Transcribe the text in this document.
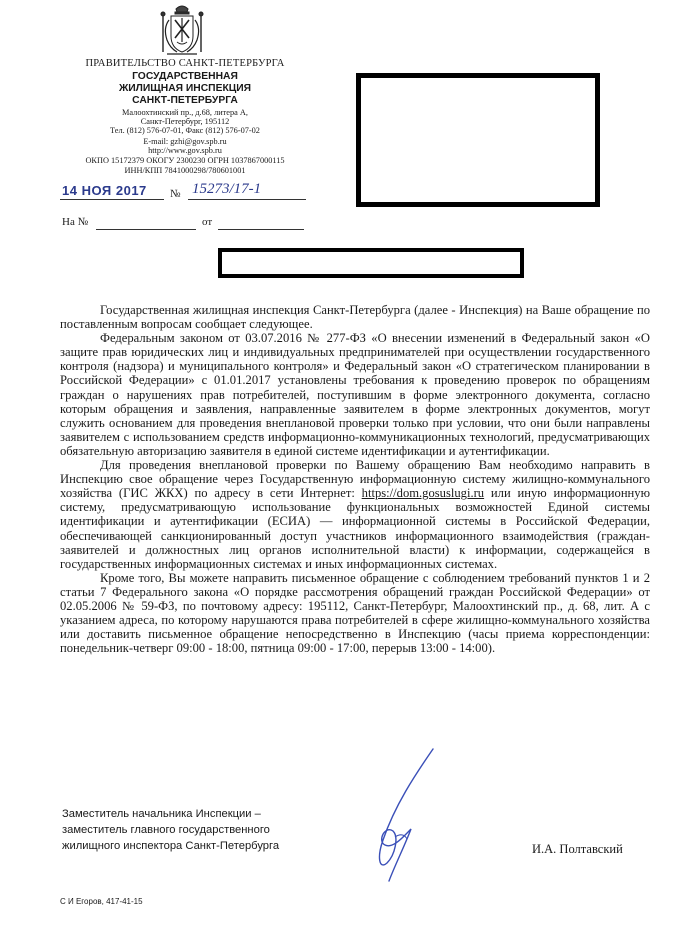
ПРАВИТЕЛЬСТВО САНКТ-ПЕТЕРБУРГА
ГОСУДАРСТВЕННАЯ
ЖИЛИЩНАЯ ИНСПЕКЦИЯ
САНКТ-ПЕТЕРБУРГА
Малоохтинский пр., д.68, литера А,
Санкт-Петербург, 195112
Тел. (812) 576-07-01, Факс (812) 576-07-02
E-mail: gzhi@gov.spb.ru
http://www.gov.spb.ru
ОКПО 15172379 ОКОГУ 2300230 ОГРН 1037867000115
ИНН/КПП 7841000298/780601001
14 НОЯ 2017 № 15273/17-1
На №	от

Государственная жилищная инспекция Санкт-Петербурга (далее - Инспекция) на Ваше обращение по поставленным вопросам сообщает следующее.

Федеральным законом от 03.07.2016 № 277-ФЗ «О внесении изменений в Федеральный закон «О защите прав юридических лиц и индивидуальных предпринимателей при осуществлении государственного контроля (надзора) и муниципального контроля» и Федеральный закон «О стратегическом планировании в Российской Федерации» с 01.01.2017 установлены требования к проведению проверок по обращениям граждан о нарушениях прав потребителей, поступившим в форме электронного документа, согласно которым обращения и заявления, направленные заявителем в форме электронных документов, могут служить основанием для проведения внеплановой проверки только при условии, что они были направлены заявителем с использованием средств информационно-коммуникационных технологий, предусматривающих обязательную авторизацию заявителя в единой системе идентификации и аутентификации.

Для проведения внеплановой проверки по Вашему обращению Вам необходимо направить в Инспекцию свое обращение через Государственную информационную систему жилищно-коммунального хозяйства (ГИС ЖКХ) по адресу в сети Интернет: https://dom.gosuslugi.ru или иную информационную систему, предусматривающую использование функциональных возможностей Единой системы идентификации и аутентификации (ЕСИА) — информационной системы в Российской Федерации, обеспечивающей санкционированный доступ участников информационного взаимодействия (граждан-заявителей и должностных лиц органов исполнительной власти) к информации, содержащейся в государственных информационных системах и иных информационных системах.

Кроме того, Вы можете направить письменное обращение с соблюдением требований пунктов 1 и 2 статьи 7 Федерального закона «О порядке рассмотрения обращений граждан Российской Федерации» от 02.05.2006 № 59-ФЗ, по почтовому адресу: 195112, Санкт-Петербург, Малоохтинский пр., д. 68, лит. А с указанием адреса, по которому нарушаются права потребителей в сфере жилищно-коммунального хозяйства или доставить письменное обращение непосредственно в Инспекцию (часы приема корреспонденции: понедельник-четверг 09:00 - 18:00, пятница 09:00 - 17:00, перерыв 13:00 - 14:00).

Заместитель начальника Инспекции –
заместитель главного государственного
жилищного инспектора Санкт-Петербурга	И.А. Полтавский
С И Егоров, 417-41-15
